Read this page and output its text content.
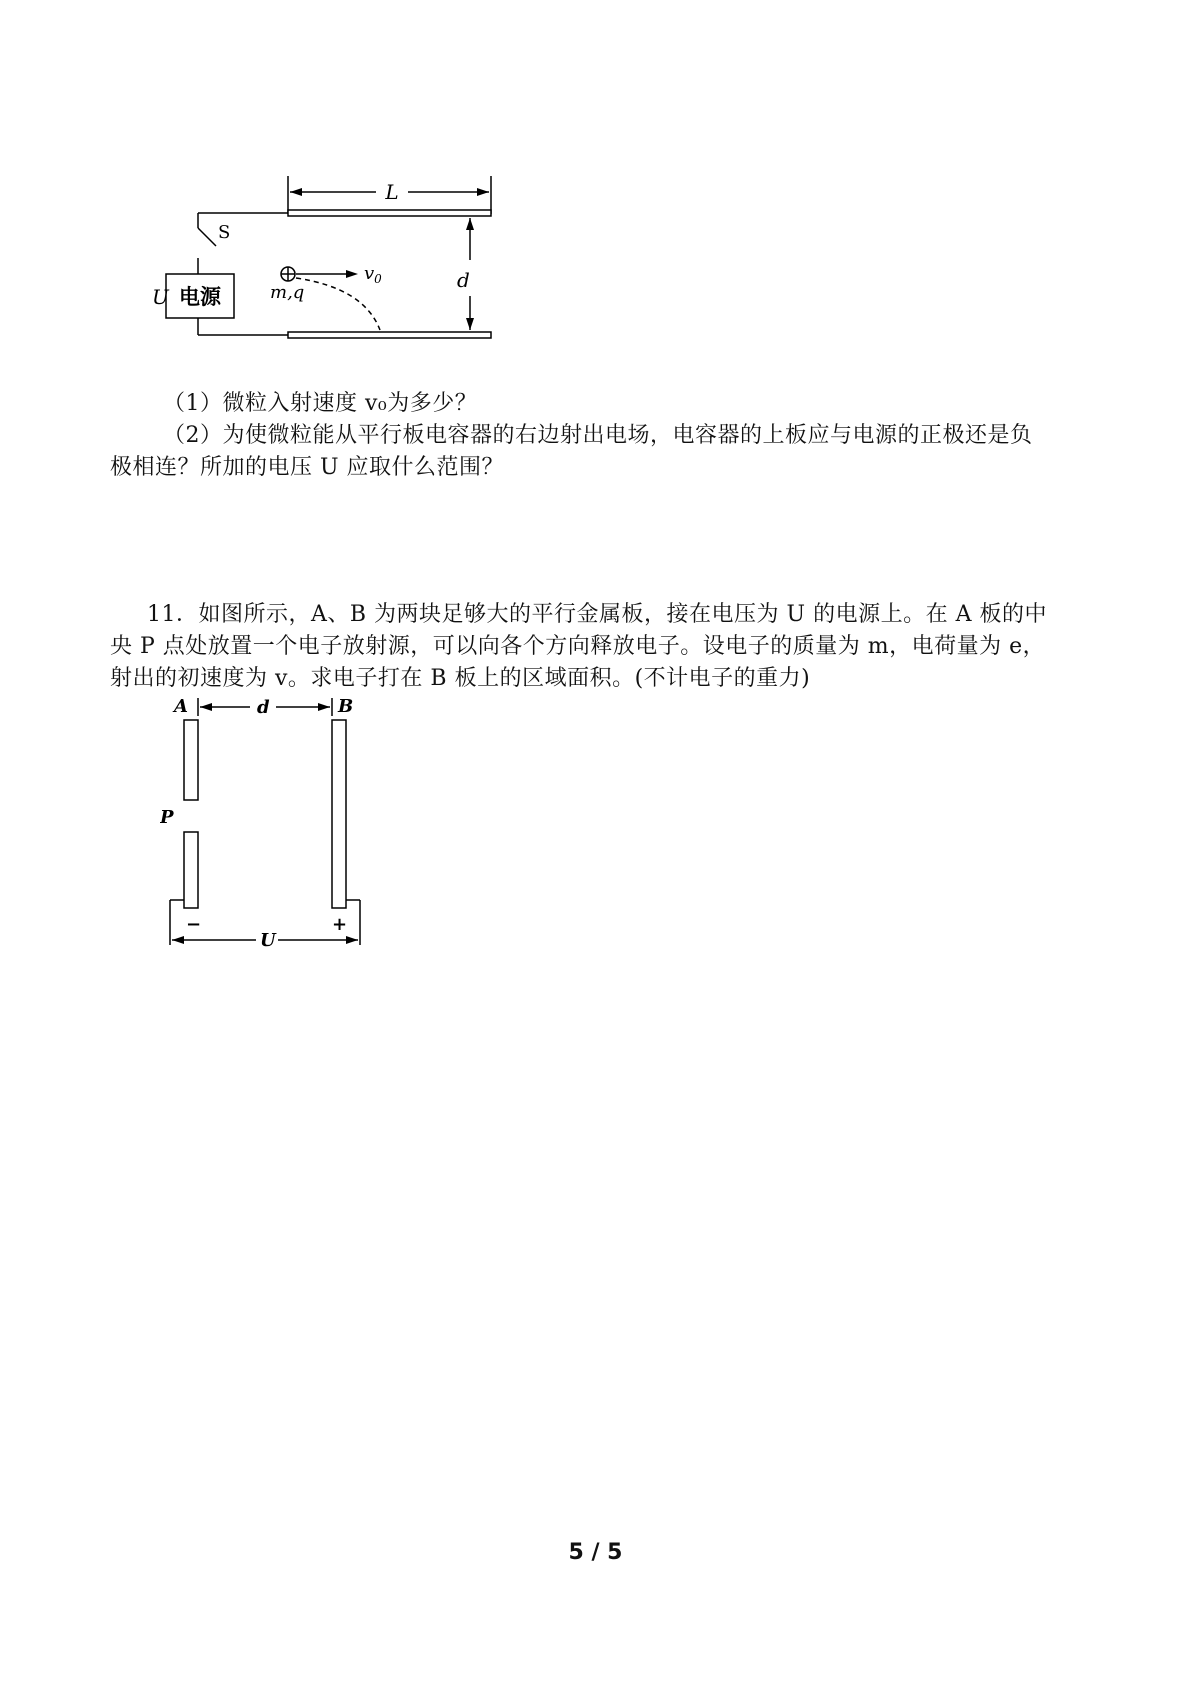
L
S
电源
U
d
$v_0$
m,q
（1）微粒入射速度 v₀为多少？
（2）为使微粒能从平行板电容器的右边射出电场，电容器的上板应与电源的正极还是负
极相连？所加的电压 U 应取什么范围？
11．如图所示，A、B 为两块足够大的平行金属板，接在电压为 U 的电源上。在 A 板的中
央 P 点处放置一个电子放射源，可以向各个方向释放电子。设电子的质量为 m，电荷量为 e，
射出的初速度为 v。求电子打在 B 板上的区域面积。(不计电子的重力)
A	d	B
P
−	+
U
5 / 5
